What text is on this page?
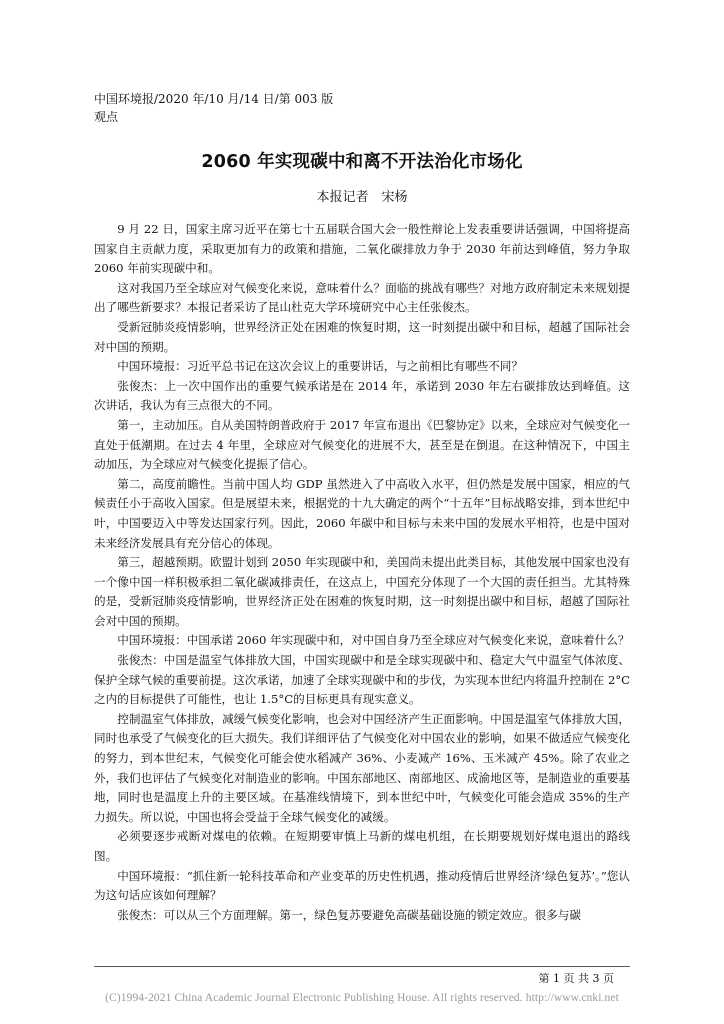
中国环境报/2020 年/10 月/14 日/第 003 版
观点
2060 年实现碳中和离不开法治化市场化
本报记者　宋杨

9 月 22 日，国家主席习近平在第七十五届联合国大会一般性辩论上发表重要讲话强调，中国将提高国家自主贡献力度，采取更加有力的政策和措施，二氧化碳排放力争于 2030 年前达到峰值，努力争取 2060 年前实现碳中和。

这对我国乃至全球应对气候变化来说，意味着什么？面临的挑战有哪些？对地方政府制定未来规划提出了哪些新要求？本报记者采访了昆山杜克大学环境研究中心主任张俊杰。

受新冠肺炎疫情影响，世界经济正处在困难的恢复时期，这一时刻提出碳中和目标，超越了国际社会对中国的预期。

中国环境报：习近平总书记在这次会议上的重要讲话，与之前相比有哪些不同？

张俊杰：上一次中国作出的重要气候承诺是在 2014 年，承诺到 2030 年左右碳排放达到峰值。这次讲话，我认为有三点很大的不同。

第一，主动加压。自从美国特朗普政府于 2017 年宣布退出《巴黎协定》以来，全球应对气候变化一直处于低潮期。在过去 4 年里，全球应对气候变化的进展不大，甚至是在倒退。在这种情况下，中国主动加压，为全球应对气候变化提振了信心。

第二，高度前瞻性。当前中国人均 GDP 虽然进入了中高收入水平，但仍然是发展中国家，相应的气候责任小于高收入国家。但是展望未来，根据党的十九大确定的两个“十五年”目标战略安排，到本世纪中叶，中国要迈入中等发达国家行列。因此，2060 年碳中和目标与未来中国的发展水平相符，也是中国对未来经济发展具有充分信心的体现。

第三，超越预期。欧盟计划到 2050 年实现碳中和，美国尚未提出此类目标，其他发展中国家也没有一个像中国一样积极承担二氧化碳减排责任，在这点上，中国充分体现了一个大国的责任担当。尤其特殊的是，受新冠肺炎疫情影响，世界经济正处在困难的恢复时期，这一时刻提出碳中和目标，超越了国际社会对中国的预期。

中国环境报：中国承诺 2060 年实现碳中和，对中国自身乃至全球应对气候变化来说，意味着什么？

张俊杰：中国是温室气体排放大国，中国实现碳中和是全球实现碳中和、稳定大气中温室气体浓度、保护全球气候的重要前提。这次承诺，加速了全球实现碳中和的步伐，为实现本世纪内将温升控制在 2°C之内的目标提供了可能性，也让 1.5°C的目标更具有现实意义。

控制温室气体排放，减缓气候变化影响，也会对中国经济产生正面影响。中国是温室气体排放大国，同时也承受了气候变化的巨大损失。我们详细评估了气候变化对中国农业的影响，如果不做适应气候变化的努力，到本世纪末，气候变化可能会使水稻减产 36%、小麦减产 16%、玉米减产 45%。除了农业之外，我们也评估了气候变化对制造业的影响。中国东部地区、南部地区、成渝地区等，是制造业的重要基地，同时也是温度上升的主要区域。在基准线情境下，到本世纪中叶，气候变化可能会造成 35%的生产力损失。所以说，中国也将会受益于全球气候变化的减缓。

必须要逐步戒断对煤电的依赖。在短期要审慎上马新的煤电机组，在长期要规划好煤电退出的路线图。

中国环境报：“抓住新一轮科技革命和产业变革的历史性机遇，推动疫情后世界经济‘绿色复苏’。”您认为这句话应该如何理解？

张俊杰：可以从三个方面理解。第一，绿色复苏要避免高碳基础设施的锁定效应。很多与碳

第 1 页 共 3 页
(C)1994-2021 China Academic Journal Electronic Publishing House. All rights reserved. http://www.cnki.net
